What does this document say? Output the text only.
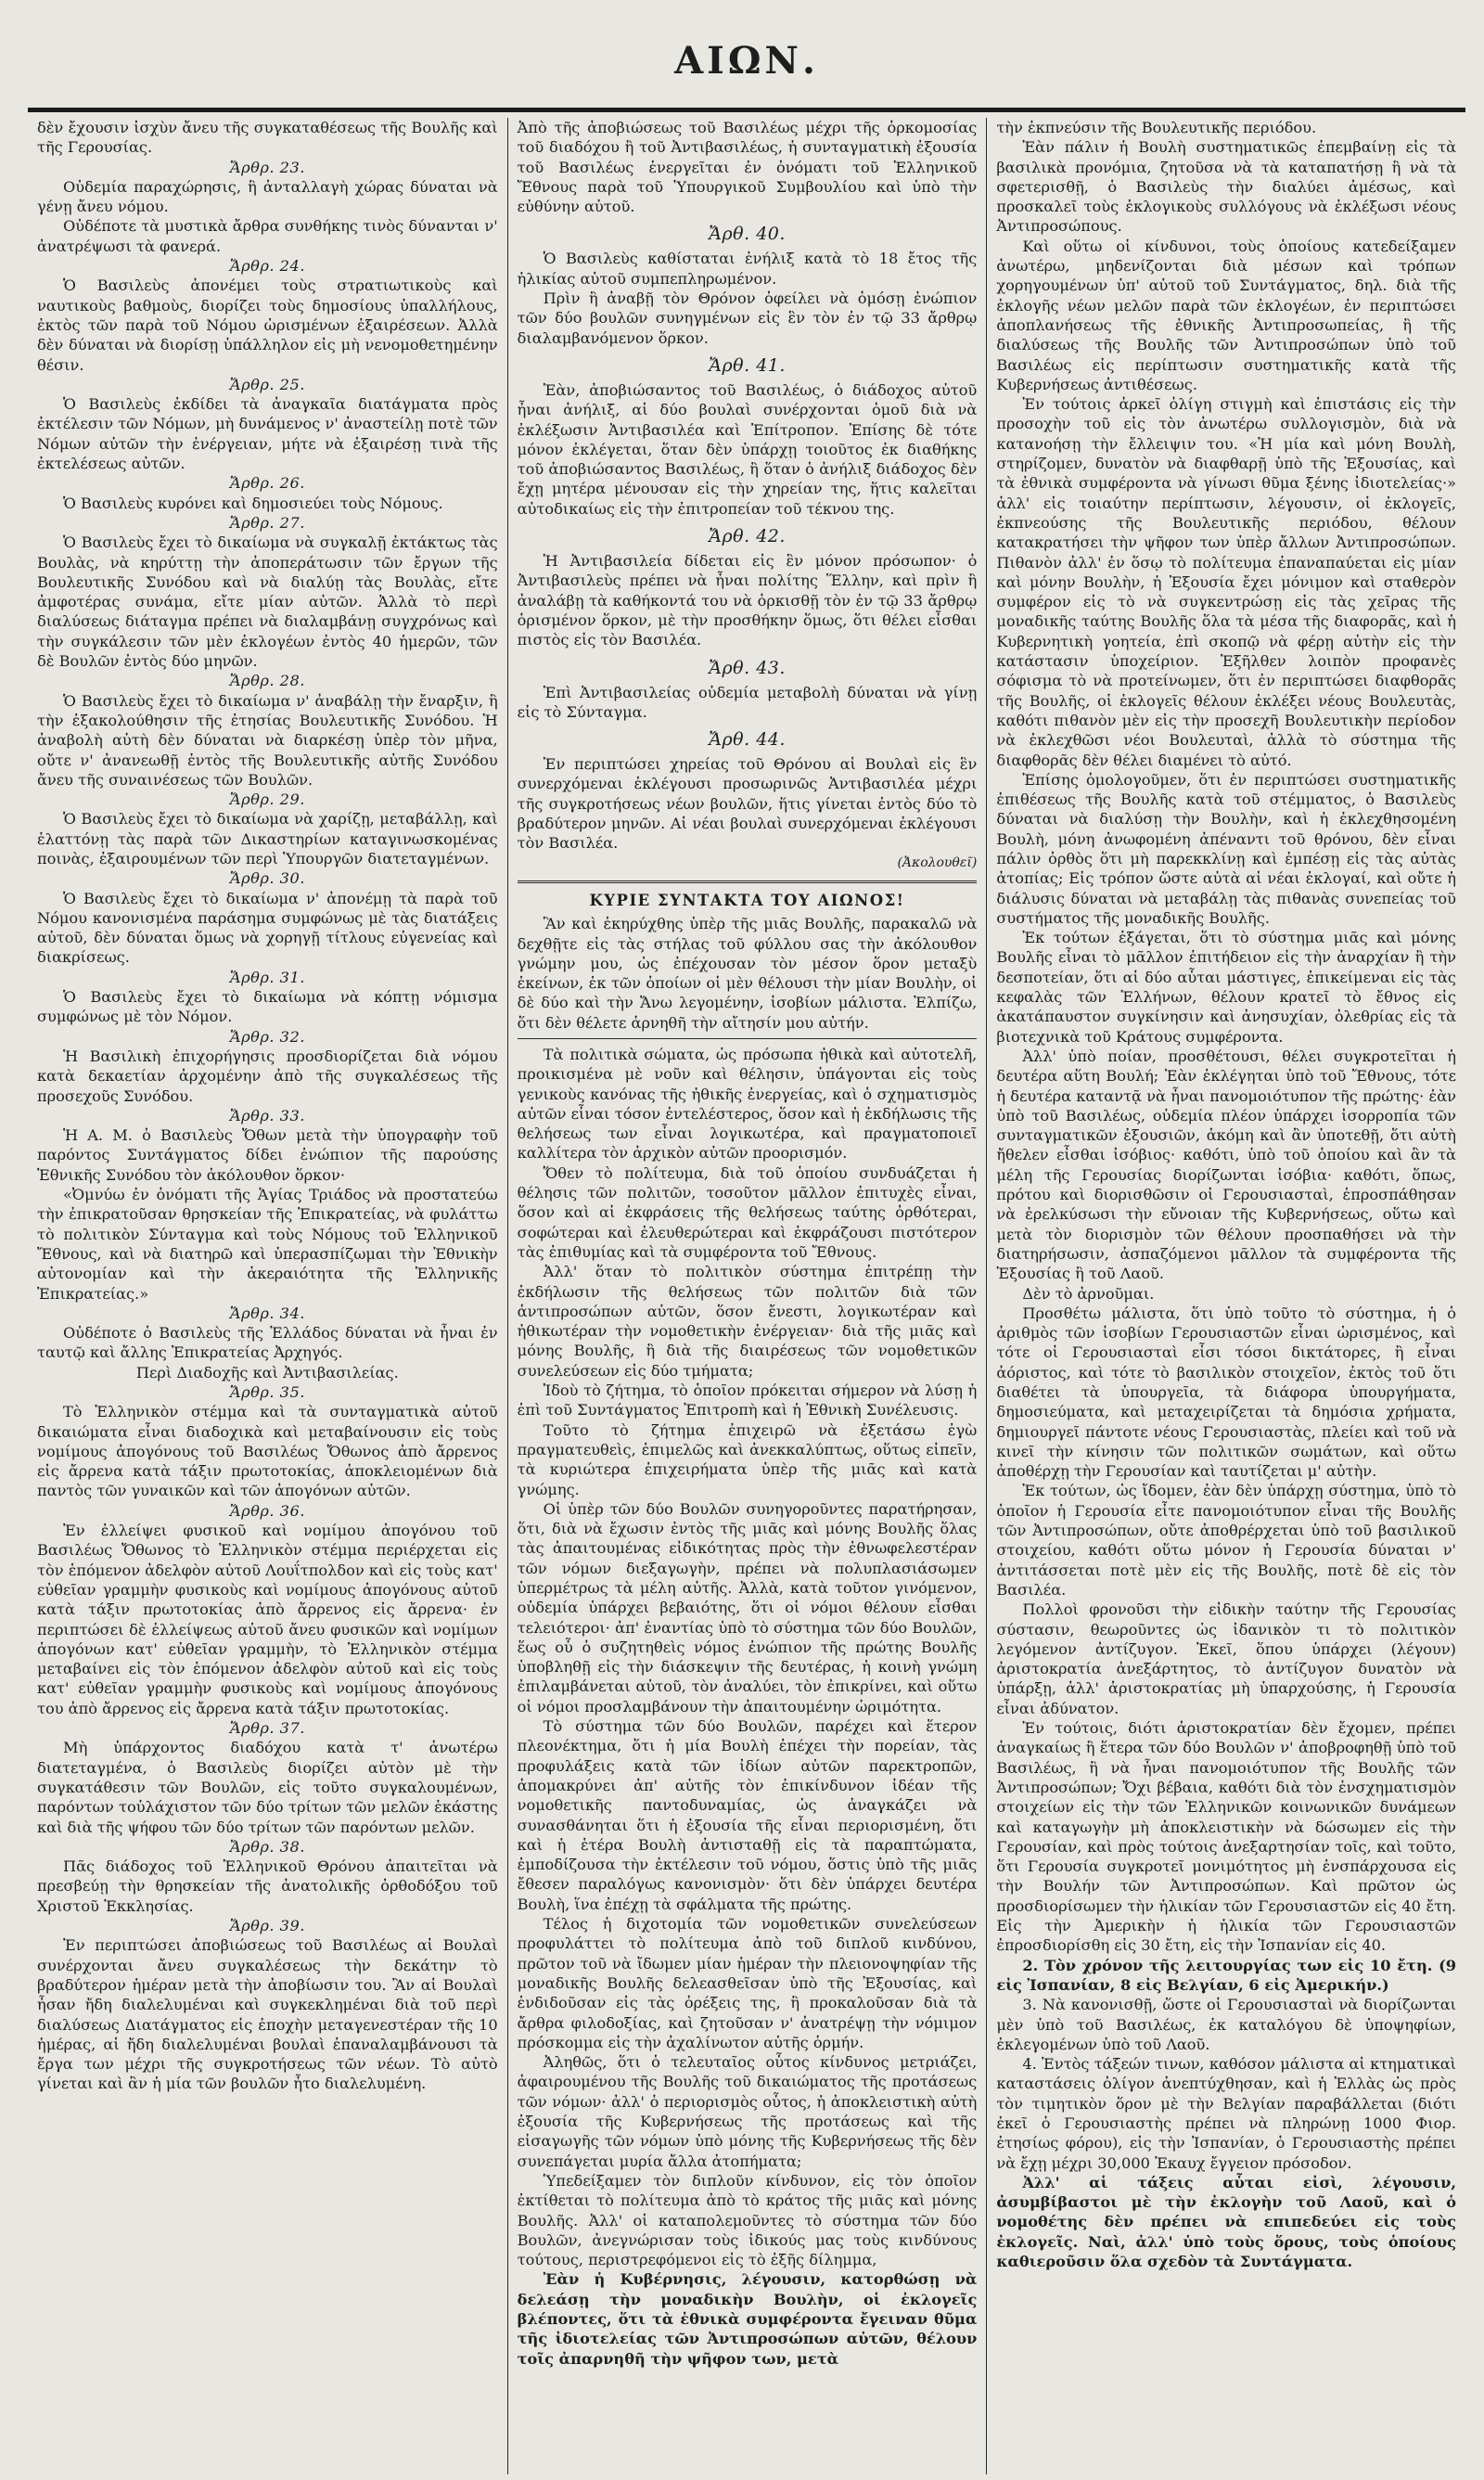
ΑΙΩΝ.

δὲν ἔχουσιν ἰσχὺν ἄνευ τῆς συγκαταθέσεως τῆς Βουλῆς καὶ τῆς Γερουσίας.

Ἄρθρ. 23.

Οὐδεμία παραχώρησις, ἢ ἀνταλλαγὴ χώρας δύναται νὰ γένῃ ἄνευ νόμου.

Οὐδέποτε τὰ μυστικὰ ἄρθρα συνθήκης τινὸς δύνανται ν' ἀνατρέψωσι τὰ φανερά.

Ἄρθρ. 24.

Ὁ Βασιλεὺς ἀπονέμει τοὺς στρατιωτικοὺς καὶ ναυτικοὺς βαθμοὺς, διορίζει τοὺς δημοσίους ὑπαλλήλους, ἐκτὸς τῶν παρὰ τοῦ Νόμου ὡρισμένων ἐξαιρέσεων. Ἀλλὰ δὲν δύναται νὰ διορίσῃ ὑπάλληλον εἰς μὴ νενομοθετημένην θέσιν.

Ἄρθρ. 25.

Ὁ Βασιλεὺς ἐκδίδει τὰ ἀναγκαῖα διατάγματα πρὸς ἐκτέλεσιν τῶν Νόμων, μὴ δυνάμενος ν' ἀναστείλῃ ποτὲ τῶν Νόμων αὐτῶν τὴν ἐνέργειαν, μήτε νὰ ἐξαιρέσῃ τινὰ τῆς ἐκτελέσεως αὐτῶν.

Ἄρθρ. 26.

Ὁ Βασιλεὺς κυρόνει καὶ δημοσιεύει τοὺς Νόμους.

Ἄρθρ. 27.

Ὁ Βασιλεὺς ἔχει τὸ δικαίωμα νὰ συγκαλῇ ἐκτάκτως τὰς Βουλὰς, νὰ κηρύττῃ τὴν ἀποπεράτωσιν τῶν ἔργων τῆς Βουλευτικῆς Συνόδου καὶ νὰ διαλύῃ τὰς Βουλὰς, εἴτε ἀμφοτέρας συνάμα, εἴτε μίαν αὐτῶν. Ἀλλὰ τὸ περὶ διαλύσεως διάταγμα πρέπει νὰ διαλαμβάνῃ συγχρόνως καὶ τὴν συγκάλεσιν τῶν μὲν ἐκλογέων ἐντὸς 40 ἡμερῶν, τῶν δὲ Βουλῶν ἐντὸς δύο μηνῶν.

Ἄρθρ. 28.

Ὁ Βασιλεὺς ἔχει τὸ δικαίωμα ν' ἀναβάλῃ τὴν ἔναρξιν, ἢ τὴν ἐξακολούθησιν τῆς ἐτησίας Βουλευτικῆς Συνόδου. Ἡ ἀναβολὴ αὐτὴ δὲν δύναται νὰ διαρκέσῃ ὑπὲρ τὸν μῆνα, οὔτε ν' ἀνανεωθῇ ἐντὸς τῆς Βουλευτικῆς αὐτῆς Συνόδου ἄνευ τῆς συναινέσεως τῶν Βουλῶν.

Ἄρθρ. 29.

Ὁ Βασιλεὺς ἔχει τὸ δικαίωμα νὰ χαρίζῃ, μεταβάλλῃ, καὶ ἐλαττόνῃ τὰς παρὰ τῶν Δικαστηρίων καταγινωσκομένας ποινὰς, ἐξαιρουμένων τῶν περὶ Ὑπουργῶν διατεταγμένων.

Ἄρθρ. 30.

Ὁ Βασιλεὺς ἔχει τὸ δικαίωμα ν' ἀπονέμῃ τὰ παρὰ τοῦ Νόμου κανονισμένα παράσημα συμφώνως μὲ τὰς διατάξεις αὐτοῦ, δὲν δύναται ὅμως νὰ χορηγῇ τίτλους εὐγενείας καὶ διακρίσεως.

Ἄρθρ. 31.

Ὁ Βασιλεὺς ἔχει τὸ δικαίωμα νὰ κόπτῃ νόμισμα συμφώνως μὲ τὸν Νόμον.

Ἄρθρ. 32.

Ἡ Βασιλικὴ ἐπιχορήγησις προσδιορίζεται διὰ νόμου κατὰ δεκαετίαν ἀρχομένην ἀπὸ τῆς συγκαλέσεως τῆς προσεχοῦς Συνόδου.

Ἄρθρ. 33.

Ἡ Α. Μ. ὁ Βασιλεὺς Ὄθων μετὰ τὴν ὑπογραφὴν τοῦ παρόντος Συντάγματος δίδει ἐνώπιον τῆς παρούσης Ἐθνικῆς Συνόδου τὸν ἀκόλουθον ὅρκον·

«Ὀμνύω ἐν ὀνόματι τῆς Ἁγίας Τριάδος νὰ προστατεύω τὴν ἐπικρατοῦσαν θρησκείαν τῆς Ἐπικρατείας, νὰ φυλάττω τὸ πολιτικὸν Σύνταγμα καὶ τοὺς Νόμους τοῦ Ἑλληνικοῦ Ἔθνους, καὶ νὰ διατηρῶ καὶ ὑπερασπίζωμαι τὴν Ἐθνικὴν αὐτονομίαν καὶ τὴν ἀκεραιότητα τῆς Ἑλληνικῆς Ἐπικρατείας.»

Ἄρθρ. 34.

Οὐδέποτε ὁ Βασιλεὺς τῆς Ἑλλάδος δύναται νὰ ἦναι ἐν ταυτῷ καὶ ἄλλης Ἐπικρατείας Ἀρχηγός.

Περὶ Διαδοχῆς καὶ Ἀντιβασιλείας.

Ἄρθρ. 35.

Τὸ Ἑλληνικὸν στέμμα καὶ τὰ συνταγματικὰ αὐτοῦ δικαιώματα εἶναι διαδοχικὰ καὶ μεταβαίνουσιν εἰς τοὺς νομίμους ἀπογόνους τοῦ Βασιλέως Ὄθωνος ἀπὸ ἄρρενος εἰς ἄρρενα κατὰ τάξιν πρωτοτοκίας, ἀποκλειομένων διὰ παντὸς τῶν γυναικῶν καὶ τῶν ἀπογόνων αὐτῶν.

Ἄρθρ. 36.

Ἐν ἐλλείψει φυσικοῦ καὶ νομίμου ἀπογόνου τοῦ Βασιλέως Ὄθωνος τὸ Ἑλληνικὸν στέμμα περιέρχεται εἰς τὸν ἑπόμενον ἀδελφὸν αὐτοῦ Λουΐτπολδον καὶ εἰς τοὺς κατ' εὐθεῖαν γραμμὴν φυσικοὺς καὶ νομίμους ἀπογόνους αὐτοῦ κατὰ τάξιν πρωτοτοκίας ἀπὸ ἄρρενος εἰς ἄρρενα· ἐν περιπτώσει δὲ ἐλλείψεως αὐτοῦ ἄνευ φυσικῶν καὶ νομίμων ἀπογόνων κατ' εὐθεῖαν γραμμὴν, τὸ Ἑλληνικὸν στέμμα μεταβαίνει εἰς τὸν ἑπόμενον ἀδελφὸν αὐτοῦ καὶ εἰς τοὺς κατ' εὐθεῖαν γραμμὴν φυσικοὺς καὶ νομίμους ἀπογόνους του ἀπὸ ἄρρενος εἰς ἄρρενα κατὰ τάξιν πρωτοτοκίας.

Ἄρθρ. 37.

Μὴ ὑπάρχοντος διαδόχου κατὰ τ' ἀνωτέρω διατεταγμένα, ὁ Βασιλεὺς διορίζει αὐτὸν μὲ τὴν συγκατάθεσιν τῶν Βουλῶν, εἰς τοῦτο συγκαλουμένων, παρόντων τοὐλάχιστον τῶν δύο τρίτων τῶν μελῶν ἑκάστης καὶ διὰ τῆς ψήφου τῶν δύο τρίτων τῶν παρόντων μελῶν.

Ἄρθρ. 38.

Πᾶς διάδοχος τοῦ Ἑλληνικοῦ Θρόνου ἀπαιτεῖται νὰ πρεσβεύῃ τὴν θρησκείαν τῆς ἀνατολικῆς ὀρθοδόξου τοῦ Χριστοῦ Ἐκκλησίας.

Ἄρθρ. 39.

Ἐν περιπτώσει ἀποβιώσεως τοῦ Βασιλέως αἱ Βουλαὶ συνέρχονται ἄνευ συγκαλέσεως τὴν δεκάτην τὸ βραδύτερον ἡμέραν μετὰ τὴν ἀποβίωσιν του. Ἂν αἱ Βουλαὶ ἦσαν ἤδη διαλελυμέναι καὶ συγκεκλημέναι διὰ τοῦ περὶ διαλύσεως Διατάγματος εἰς ἐποχὴν μεταγενεστέραν τῆς 10 ἡμέρας, αἱ ἤδη διαλελυμέναι βουλαὶ ἐπαναλαμβάνουσι τὰ ἔργα των μέχρι τῆς συγκροτήσεως τῶν νέων. Τὸ αὐτὸ γίνεται καὶ ἂν ἡ μία τῶν βουλῶν ἦτο διαλελυμένη.

Ἀπὸ τῆς ἀποβιώσεως τοῦ Βασιλέως μέχρι τῆς ὁρκομοσίας τοῦ διαδόχου ἢ τοῦ Ἀντιβασιλέως, ἡ συνταγματικὴ ἐξουσία τοῦ Βασιλέως ἐνεργεῖται ἐν ὀνόματι τοῦ Ἑλληνικοῦ Ἔθνους παρὰ τοῦ Ὑπουργικοῦ Συμβουλίου καὶ ὑπὸ τὴν εὐθύνην αὐτοῦ.

Ἄρθ. 40.

Ὁ Βασιλεὺς καθίσταται ἐνήλιξ κατὰ τὸ 18 ἔτος τῆς ἡλικίας αὐτοῦ συμπεπληρωμένον.

Πρὶν ἢ ἀναβῇ τὸν Θρόνον ὀφείλει νὰ ὁμόσῃ ἐνώπιον τῶν δύο βουλῶν συνηγμένων εἰς ἓν τὸν ἐν τῷ 33 ἄρθρῳ διαλαμβανόμενον ὅρκον.

Ἄρθ. 41.

Ἐὰν, ἀποβιώσαντος τοῦ Βασιλέως, ὁ διάδοχος αὐτοῦ ἦναι ἀνήλιξ, αἱ δύο βουλαὶ συνέρχονται ὁμοῦ διὰ νὰ ἐκλέξωσιν Ἀντιβασιλέα καὶ Ἐπίτροπον. Ἐπίσης δὲ τότε μόνον ἐκλέγεται, ὅταν δὲν ὑπάρχῃ τοιοῦτος ἐκ διαθήκης τοῦ ἀποβιώσαντος Βασιλέως, ἢ ὅταν ὁ ἀνήλιξ διάδοχος δὲν ἔχῃ μητέρα μένουσαν εἰς τὴν χηρείαν της, ἥτις καλεῖται αὐτοδικαίως εἰς τὴν ἐπιτροπείαν τοῦ τέκνου της.

Ἄρθ. 42.

Ἡ Ἀντιβασιλεία δίδεται εἰς ἓν μόνον πρόσωπον· ὁ Ἀντιβασιλεὺς πρέπει νὰ ἦναι πολίτης Ἕλλην, καὶ πρὶν ἢ ἀναλάβῃ τὰ καθήκοντά του νὰ ὁρκισθῇ τὸν ἐν τῷ 33 ἄρθρῳ ὁρισμένον ὅρκον, μὲ τὴν προσθήκην ὅμως, ὅτι θέλει εἶσθαι πιστὸς εἰς τὸν Βασιλέα.

Ἄρθ. 43.

Ἐπὶ Ἀντιβασιλείας οὐδεμία μεταβολὴ δύναται νὰ γίνῃ εἰς τὸ Σύνταγμα.

Ἄρθ. 44.

Ἐν περιπτώσει χηρείας τοῦ Θρόνου αἱ Βουλαὶ εἰς ἓν συνερχόμεναι ἐκλέγουσι προσωρινῶς Ἀντιβασιλέα μέχρι τῆς συγκροτήσεως νέων βουλῶν, ἥτις γίνεται ἐντὸς δύο τὸ βραδύτερον μηνῶν. Αἱ νέαι βουλαὶ συνερχόμεναι ἐκλέγουσι τὸν Βασιλέα.

(Ἀκολουθεῖ)

ΚΥΡΙΕ ΣΥΝΤΑΚΤΑ ΤΟΥ ΑΙΩΝΟΣ!

Ἂν καὶ ἐκηρύχθης ὑπὲρ τῆς μιᾶς Βουλῆς, παρακαλῶ νὰ δεχθῇτε εἰς τὰς στήλας τοῦ φύλλου σας τὴν ἀκόλουθον γνώμην μου, ὡς ἐπέχουσαν τὸν μέσον ὅρον μεταξὺ ἐκείνων, ἐκ τῶν ὁποίων οἱ μὲν θέλουσι τὴν μίαν Βουλὴν, οἱ δὲ δύο καὶ τὴν Ἄνω λεγομένην, ἰσοβίων μάλιστα. Ἐλπίζω, ὅτι δὲν θέλετε ἀρνηθῆ τὴν αἴτησίν μου αὐτήν.

Τὰ πολιτικὰ σώματα, ὡς πρόσωπα ἠθικὰ καὶ αὐτοτελῆ, προικισμένα μὲ νοῦν καὶ θέλησιν, ὑπάγονται εἰς τοὺς γενικοὺς κανόνας τῆς ἠθικῆς ἐνεργείας, καὶ ὁ σχηματισμὸς αὐτῶν εἶναι τόσον ἐντελέστερος, ὅσον καὶ ἡ ἐκδήλωσις τῆς θελήσεως των εἶναι λογικωτέρα, καὶ πραγματοποιεῖ καλλίτερα τὸν ἀρχικὸν αὐτῶν προορισμόν.

Ὅθεν τὸ πολίτευμα, διὰ τοῦ ὁποίου συνδυάζεται ἡ θέλησις τῶν πολιτῶν, τοσοῦτον μᾶλλον ἐπιτυχὲς εἶναι, ὅσον καὶ αἱ ἐκφράσεις τῆς θελήσεως ταύτης ὀρθότεραι, σοφώτεραι καὶ ἐλευθερώτεραι καὶ ἐκφράζουσι πιστότερον τὰς ἐπιθυμίας καὶ τὰ συμφέροντα τοῦ Ἔθνους.

Ἀλλ' ὅταν τὸ πολιτικὸν σύστημα ἐπιτρέπῃ τὴν ἐκδήλωσιν τῆς θελήσεως τῶν πολιτῶν διὰ τῶν ἀντιπροσώπων αὐτῶν, ὅσον ἔνεστι, λογικωτέραν καὶ ἠθικωτέραν τὴν νομοθετικὴν ἐνέργειαν· διὰ τῆς μιᾶς καὶ μόνης Βουλῆς, ἢ διὰ τῆς διαιρέσεως τῶν νομοθετικῶν συνελεύσεων εἰς δύο τμήματα;

Ἰδοὺ τὸ ζήτημα, τὸ ὁποῖον πρόκειται σήμερον νὰ λύσῃ ἡ ἐπὶ τοῦ Συντάγματος Ἐπιτροπὴ καὶ ἡ Ἐθνικὴ Συνέλευσις.

Τοῦτο τὸ ζήτημα ἐπιχειρῶ νὰ ἐξετάσω ἐγὼ πραγματευθεὶς, ἐπιμελῶς καὶ ἀνεκκαλύπτως, οὕτως εἰπεῖν, τὰ κυριώτερα ἐπιχειρήματα ὑπὲρ τῆς μιᾶς καὶ κατὰ γνώμης.

Οἱ ὑπὲρ τῶν δύο Βουλῶν συνηγοροῦντες παρατήρησαν, ὅτι, διὰ νὰ ἔχωσιν ἐντὸς τῆς μιᾶς καὶ μόνης Βουλῆς ὅλας τὰς ἀπαιτουμένας εἰδικότητας πρὸς τὴν ἐθνωφελεστέραν τῶν νόμων διεξαγωγὴν, πρέπει νὰ πολυπλασιάσωμεν ὑπερμέτρως τὰ μέλη αὐτῆς. Ἀλλὰ, κατὰ τοῦτον γινόμενον, οὐδεμία ὑπάρχει βεβαιότης, ὅτι οἱ νόμοι θέλουν εἶσθαι τελειότεροι· ἀπ' ἐναντίας ὑπὸ τὸ σύστημα τῶν δύο Βουλῶν, ἕως οὗ ὁ συζητηθεὶς νόμος ἐνώπιον τῆς πρώτης Βουλῆς ὑποβληθῇ εἰς τὴν διάσκεψιν τῆς δευτέρας, ἡ κοινὴ γνώμη ἐπιλαμβάνεται αὐτοῦ, τὸν ἀναλύει, τὸν ἐπικρίνει, καὶ οὕτω οἱ νόμοι προσλαμβάνουν τὴν ἀπαιτουμένην ὡριμότητα.

Τὸ σύστημα τῶν δύο Βουλῶν, παρέχει καὶ ἕτερον πλεονέκτημα, ὅτι ἡ μία Βουλὴ ἐπέχει τὴν πορείαν, τὰς προφυλάξεις κατὰ τῶν ἰδίων αὐτῶν παρεκτροπῶν, ἀπομακρύνει ἀπ' αὐτῆς τὸν ἐπικίνδυνον ἰδέαν τῆς νομοθετικῆς παντοδυναμίας, ὡς ἀναγκάζει νὰ συνασθάνηται ὅτι ἡ ἐξουσία τῆς εἶναι περιορισμένη, ὅτι καὶ ἡ ἑτέρα Βουλὴ ἀντισταθῇ εἰς τὰ παραπτώματα, ἐμποδίζουσα τὴν ἐκτέλεσιν τοῦ νόμου, ὅστις ὑπὸ τῆς μιᾶς ἔθεσεν παραλόγως κανονισμὸν· ὅτι δὲν ὑπάρχει δευτέρα Βουλὴ, ἵνα ἐπέχῃ τὰ σφάλματα τῆς πρώτης.

Τέλος ἡ διχοτομία τῶν νομοθετικῶν συνελεύσεων προφυλάττει τὸ πολίτευμα ἀπὸ τοῦ διπλοῦ κινδύνου, πρῶτον τοῦ νὰ ἴδωμεν μίαν ἡμέραν τὴν πλειονοψηφίαν τῆς μοναδικῆς Βουλῆς δελεασθεῖσαν ὑπὸ τῆς Ἐξουσίας, καὶ ἐνδιδοῦσαν εἰς τὰς ὀρέξεις της, ἢ προκαλοῦσαν διὰ τὰ ἄρθρα φιλοδοξίας, καὶ ζητοῦσαν ν' ἀνατρέψῃ τὴν νόμιμον πρόσκομμα εἰς τὴν ἀχαλίνωτον αὐτῆς ὁρμήν.

Ἀληθῶς, ὅτι ὁ τελευταῖος οὗτος κίνδυνος μετριάζει, ἀφαιρουμένου τῆς Βουλῆς τοῦ δικαιώματος τῆς προτάσεως τῶν νόμων· ἀλλ' ὁ περιορισμὸς οὗτος, ἡ ἀποκλειστικὴ αὐτὴ ἐξουσία τῆς Κυβερνήσεως τῆς προτάσεως καὶ τῆς εἰσαγωγῆς τῶν νόμων ὑπὸ μόνης τῆς Κυβερνήσεως τῆς δὲν συνεπάγεται μυρία ἄλλα ἀτοπήματα;

Ὑπεδείξαμεν τὸν διπλοῦν κίνδυνον, εἰς τὸν ὁποῖον ἐκτίθεται τὸ πολίτευμα ἀπὸ τὸ κράτος τῆς μιᾶς καὶ μόνης Βουλῆς. Ἀλλ' οἱ καταπολεμοῦντες τὸ σύστημα τῶν δύο Βουλῶν, ἀνεγνώρισαν τοὺς ἰδικούς μας τοὺς κινδύνους τούτους, περιστρεφόμενοι εἰς τὸ ἐξῆς δίλημμα,

Ἐὰν ἡ Κυβέρνησις, λέγουσιν, κατορθώσῃ νὰ δελεάσῃ τὴν μοναδικὴν Βουλὴν, οἱ ἐκλογεῖς βλέποντες, ὅτι τὰ ἐθνικὰ συμφέροντα ἔγειναν θῦμα τῆς ἰδιοτελείας τῶν Ἀντιπροσώπων αὐτῶν, θέλουν τοῖς ἀπαρνηθῆ τὴν ψῆφον των, μετὰ

τὴν ἐκπνεύσιν τῆς Βουλευτικῆς περιόδου.

Ἐὰν πάλιν ἡ Βουλὴ συστηματικῶς ἐπεμβαίνῃ εἰς τὰ βασιλικὰ προνόμια, ζητοῦσα νὰ τὰ καταπατήσῃ ἢ νὰ τὰ σφετερισθῇ, ὁ Βασιλεὺς τὴν διαλύει ἀμέσως, καὶ προσκαλεῖ τοὺς ἐκλογικοὺς συλλόγους νὰ ἐκλέξωσι νέους Ἀντιπροσώπους.

Καὶ οὕτω οἱ κίνδυνοι, τοὺς ὁποίους κατεδείξαμεν ἀνωτέρω, μηδενίζονται διὰ μέσων καὶ τρόπων χορηγουμένων ὑπ' αὐτοῦ τοῦ Συντάγματος, δηλ. διὰ τῆς ἐκλογῆς νέων μελῶν παρὰ τῶν ἐκλογέων, ἐν περιπτώσει ἀποπλανήσεως τῆς ἐθνικῆς Ἀντιπροσωπείας, ἢ τῆς διαλύσεως τῆς Βουλῆς τῶν Ἀντιπροσώπων ὑπὸ τοῦ Βασιλέως εἰς περίπτωσιν συστηματικῆς κατὰ τῆς Κυβερνήσεως ἀντιθέσεως.

Ἐν τούτοις ἀρκεῖ ὀλίγη στιγμὴ καὶ ἐπιστάσις εἰς τὴν προσοχὴν τοῦ εἰς τὸν ἀνωτέρω συλλογισμὸν, διὰ νὰ κατανοήσῃ τὴν ἔλλειψιν του. «Ἡ μία καὶ μόνη Βουλὴ, στηρίζομεν, δυνατὸν νὰ διαφθαρῇ ὑπὸ τῆς Ἐξουσίας, καὶ τὰ ἐθνικὰ συμφέροντα νὰ γίνωσι θῦμα ξένης ἰδιοτελείας·» ἀλλ' εἰς τοιαύτην περίπτωσιν, λέγουσιν, οἱ ἐκλογεῖς, ἐκπνεούσης τῆς Βουλευτικῆς περιόδου, θέλουν κατακρατήσει τὴν ψῆφον των ὑπὲρ ἄλλων Ἀντιπροσώπων. Πιθανὸν ἀλλ' ἐν ὅσῳ τὸ πολίτευμα ἐπαναπαύεται εἰς μίαν καὶ μόνην Βουλὴν, ἡ Ἐξουσία ἔχει μόνιμον καὶ σταθερὸν συμφέρον εἰς τὸ νὰ συγκεντρώσῃ εἰς τὰς χεῖρας τῆς μοναδικῆς ταύτης Βουλῆς ὅλα τὰ μέσα τῆς διαφορᾶς, καὶ ἡ Κυβερνητικὴ γοητεία, ἐπὶ σκοπῷ νὰ φέρῃ αὐτὴν εἰς τὴν κατάστασιν ὑποχείριον. Ἐξῆλθεν λοιπὸν προφανὲς σόφισμα τὸ νὰ προτείνωμεν, ὅτι ἐν περιπτώσει διαφθορᾶς τῆς Βουλῆς, οἱ ἐκλογεῖς θέλουν ἐκλέξει νέους Βουλευτὰς, καθότι πιθανὸν μὲν εἰς τὴν προσεχῆ Βουλευτικὴν περίοδον νὰ ἐκλεχθῶσι νέοι Βουλευταὶ, ἀλλὰ τὸ σύστημα τῆς διαφθορᾶς δὲν θέλει διαμένει τὸ αὐτό.

Ἐπίσης ὁμολογοῦμεν, ὅτι ἐν περιπτώσει συστηματικῆς ἐπιθέσεως τῆς Βουλῆς κατὰ τοῦ στέμματος, ὁ Βασιλεὺς δύναται νὰ διαλύσῃ τὴν Βουλὴν, καὶ ἡ ἐκλεχθησομένη Βουλὴ, μόνη ἀνωφομένη ἀπέναντι τοῦ θρόνου, δὲν εἶναι πάλιν ὀρθὸς ὅτι μὴ παρεκκλίνῃ καὶ ἐμπέσῃ εἰς τὰς αὐτὰς ἀτοπίας; Εἰς τρόπον ὥστε αὐτὰ αἱ νέαι ἐκλογαί, καὶ οὔτε ἡ διάλυσις δύναται νὰ μεταβάλῃ τὰς πιθανὰς συνεπείας τοῦ συστήματος τῆς μοναδικῆς Βουλῆς.

Ἐκ τούτων ἐξάγεται, ὅτι τὸ σύστημα μιᾶς καὶ μόνης Βουλῆς εἶναι τὸ μᾶλλον ἐπιτήδειον εἰς τὴν ἀναρχίαν ἢ τὴν δεσποτείαν, ὅτι αἱ δύο αὗται μάστιγες, ἐπικείμεναι εἰς τὰς κεφαλὰς τῶν Ἑλλήνων, θέλουν κρατεῖ τὸ ἔθνος εἰς ἀκατάπαυστον συγκίνησιν καὶ ἀνησυχίαν, ὀλεθρίας εἰς τὰ βιοτεχνικὰ τοῦ Κράτους συμφέροντα.

Ἀλλ' ὑπὸ ποίαν, προσθέτουσι, θέλει συγκροτεῖται ἡ δευτέρα αὕτη Βουλή; Ἐὰν ἐκλέγηται ὑπὸ τοῦ Ἔθνους, τότε ἡ δευτέρα καταντᾷ νὰ ἦναι πανομοιότυπον τῆς πρώτης· ἐὰν ὑπὸ τοῦ Βασιλέως, οὐδεμία πλέον ὑπάρχει ἰσορροπία τῶν συνταγματικῶν ἐξουσιῶν, ἀκόμη καὶ ἂν ὑποτεθῇ, ὅτι αὐτὴ ἤθελεν εἶσθαι ἰσόβιος· καθότι, ὑπὸ τοῦ ὁποίου καὶ ἂν τὰ μέλη τῆς Γερουσίας διορίζωνται ἰσόβια· καθότι, ὅπως, πρότου καὶ διορισθῶσιν οἱ Γερουσιασταὶ, ἐπροσπάθησαν νὰ ἐρελκύσωσι τὴν εὔνοιαν τῆς Κυβερνήσεως, οὕτω καὶ μετὰ τὸν διορισμὸν τῶν θέλουν προσπαθήσει νὰ τὴν διατηρήσωσιν, ἀσπαζόμενοι μᾶλλον τὰ συμφέροντα τῆς Ἐξουσίας ἢ τοῦ Λαοῦ.

Δὲν τὸ ἀρνοῦμαι.

Προσθέτω μάλιστα, ὅτι ὑπὸ τοῦτο τὸ σύστημα, ἡ ὁ ἀριθμὸς τῶν ἰσοβίων Γερουσιαστῶν εἶναι ὡρισμένος, καὶ τότε οἱ Γερουσιασταὶ εἶσι τόσοι δικτάτορες, ἢ εἶναι ἀόριστος, καὶ τότε τὸ βασιλικὸν στοιχεῖον, ἐκτὸς τοῦ ὅτι διαθέτει τὰ ὑπουργεῖα, τὰ διάφορα ὑπουργήματα, δημοσιεύματα, καὶ μεταχειρίζεται τὰ δημόσια χρήματα, δημιουργεῖ πάντοτε νέους Γερουσιαστὰς, πλείει καὶ τοῦ νὰ κινεῖ τὴν κίνησιν τῶν πολιτικῶν σωμάτων, καὶ οὕτω ἀποθέρχῃ τὴν Γερουσίαν καὶ ταυτίζεται μ' αὐτὴν.

Ἐκ τούτων, ὡς ἴδομεν, ἐὰν δὲν ὑπάρχῃ σύστημα, ὑπὸ τὸ ὁποῖον ἡ Γερουσία εἶτε πανομοιότυπον εἶναι τῆς Βουλῆς τῶν Ἀντιπροσώπων, οὔτε ἀποθρέρχεται ὑπὸ τοῦ βασιλικοῦ στοιχείου, καθότι οὕτω μόνον ἡ Γερουσία δύναται ν' ἀντιτάσσεται ποτὲ μὲν εἰς τῆς Βουλῆς, ποτὲ δὲ εἰς τὸν Βασιλέα.

Πολλοὶ φρονοῦσι τὴν εἰδικὴν ταύτην τῆς Γερουσίας σύστασιν, θεωροῦντες ὡς ἰδανικὸν τι τὸ πολιτικὸν λεγόμενον ἀντίζυγον. Ἐκεῖ, ὅπου ὑπάρχει (λέγουν) ἀριστοκρατία ἀνεξάρτητος, τὸ ἀντίζυγον δυνατὸν νὰ ὑπάρξῃ, ἀλλ' ἀριστοκρατίας μὴ ὑπαρχούσης, ἡ Γερουσία εἶναι ἀδύνατον.

Ἐν τούτοις, διότι ἀριστοκρατίαν δὲν ἔχομεν, πρέπει ἀναγκαίως ἢ ἕτερα τῶν δύο Βουλῶν ν' ἀποβροφηθῇ ὑπὸ τοῦ Βασιλέως, ἢ νὰ ἦναι πανομοιότυπον τῆς Βουλῆς τῶν Ἀντιπροσώπων; Ὄχι βέβαια, καθότι διὰ τὸν ἐνσχηματισμὸν στοιχείων εἰς τὴν τῶν Ἑλληνικῶν κοινωνικῶν δυνάμεων καὶ καταγωγὴν μὴ ἀποκλειστικὴν νὰ δώσωμεν εἰς τὴν Γερουσίαν, καὶ πρὸς τούτοις ἀνεξαρτησίαν τοῖς, καὶ τοῦτο, ὅτι Γερουσία συγκροτεῖ μονιμότητος μὴ ἐνσπάρχουσα εἰς τὴν Βουλήν τῶν Ἀντιπροσώπων. Καὶ πρῶτον ὡς προσδιορίσωμεν τὴν ἡλικίαν τῶν Γερουσιαστῶν εἰς 40 ἔτη. Εἰς τὴν Ἀμερικὴν ἡ ἡλικία τῶν Γερουσιαστῶν ἐπροσδιορίσθη εἰς 30 ἔτη, εἰς τὴν Ἰσπανίαν εἰς 40.

2. Τὸν χρόνον τῆς λειτουργίας των εἰς 10 ἔτη. (9 εἰς Ἰσπανίαν, 8 εἰς Βελγίαν, 6 εἰς Ἀμερικήν.)

3. Νὰ κανονισθῇ, ὥστε οἱ Γερουσιασταὶ νὰ διορίζωνται μὲν ὑπὸ τοῦ Βασιλέως, ἐκ καταλόγου δὲ ὑποψηφίων, ἐκλεγομένων ὑπὸ τοῦ Λαοῦ.

4. Ἐντὸς τάξεών τινων, καθόσον μάλιστα αἱ κτηματικαὶ καταστάσεις ὀλίγον ἀνεπτύχθησαν, καὶ ἡ Ἑλλὰς ὡς πρὸς τὸν τιμητικὸν ὅρον μὲ τὴν Βελγίαν παραβάλλεται (διότι ἐκεῖ ὁ Γερουσιαστὴς πρέπει νὰ πληρώνῃ 1000 Φιορ. ἐτησίως φόρου), εἰς τὴν Ἰσπανίαν, ὁ Γερουσιαστὴς πρέπει νὰ ἔχῃ μέχρι 30,000 Ἐκαυχ ἔγγειον πρόσοδον.

Ἀλλ' αἱ τάξεις αὗται εἰσὶ, λέγουσιν, ἀσυμβίβαστοι μὲ τὴν ἐκλογὴν τοῦ Λαοῦ, καὶ ὁ νομοθέτης δὲν πρέπει νὰ επιπεδεύει εἰς τοὺς ἐκλογεῖς. Ναὶ, ἀλλ' ὑπὸ τοὺς ὅρους, τοὺς ὁποίους καθιεροῦσιν ὅλα σχεδὸν τὰ Συντάγματα.
